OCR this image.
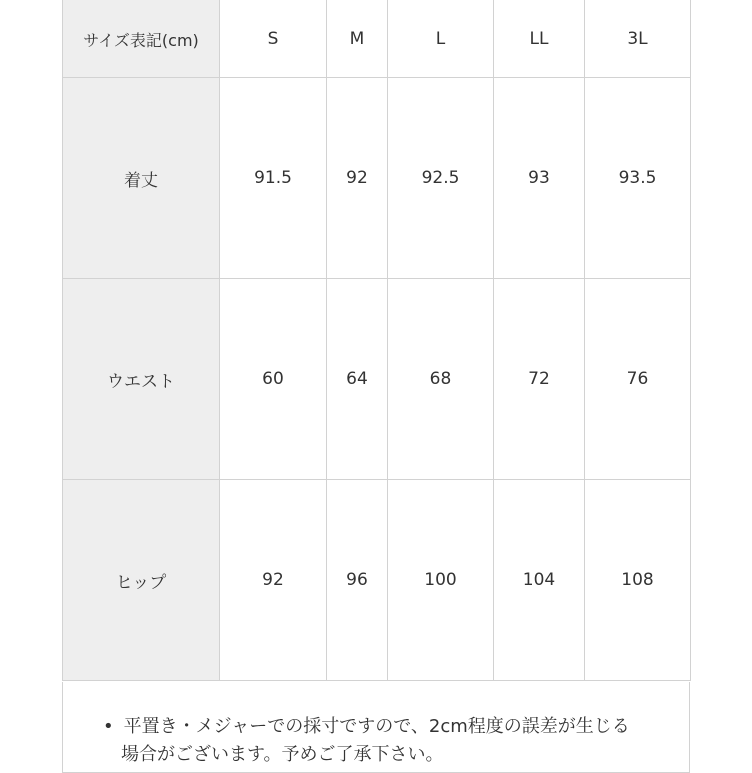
サイズ表記(cm)	S	M	L	LL	3L
着丈	91.5	92	92.5	93	93.5
ウエスト	60	64	68	72	76
ヒップ	92	96	100	104	108
• 平置き・メジャーでの採寸ですので、2cm程度の誤差が生じる
場合がございます。予めご了承下さい。
